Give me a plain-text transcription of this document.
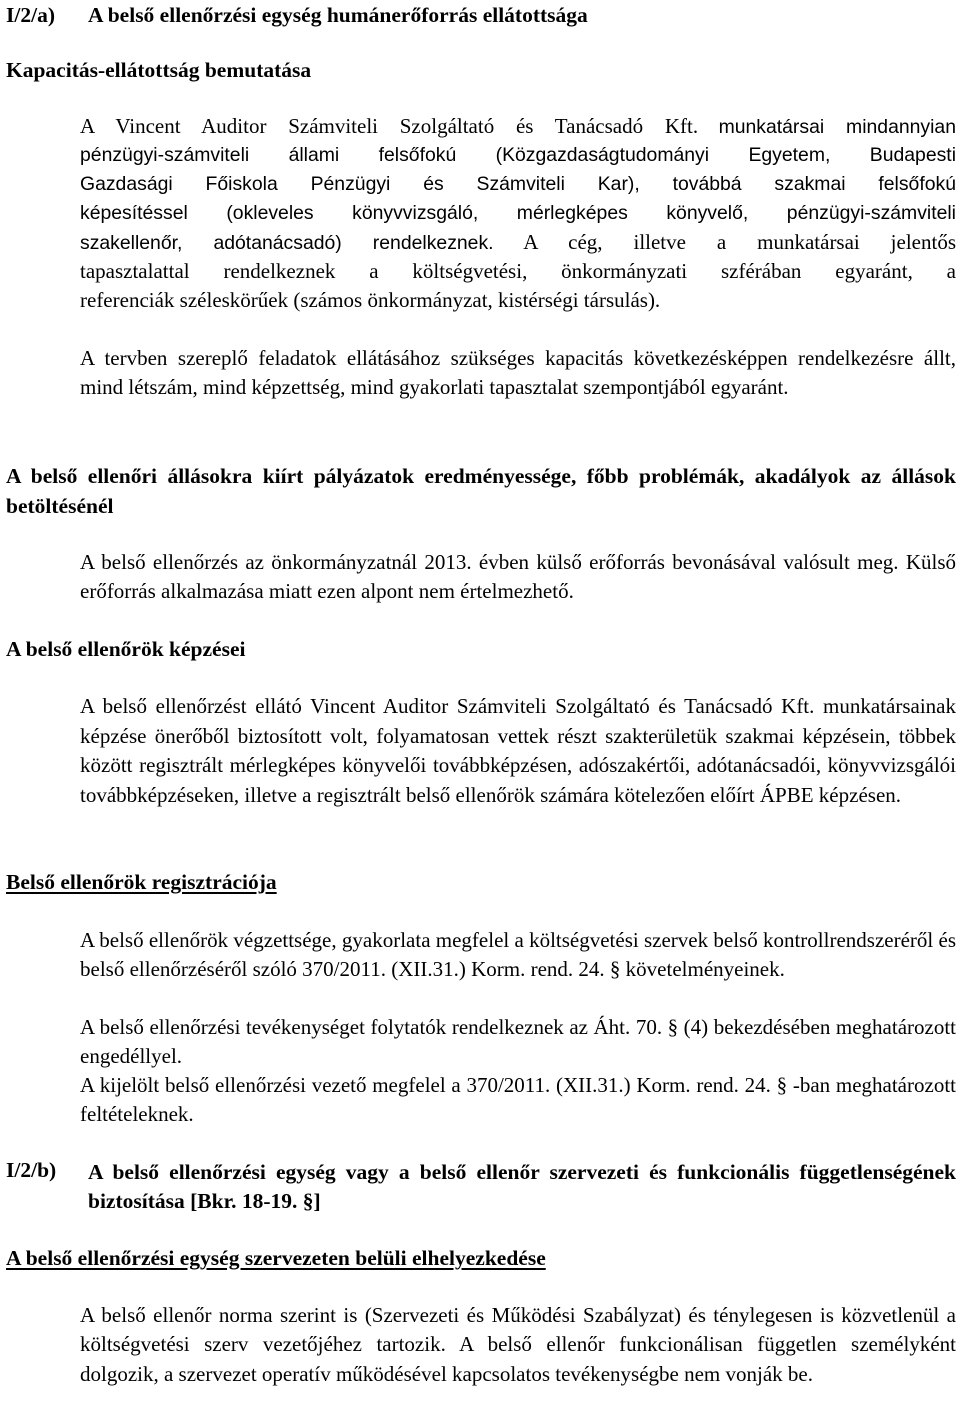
I/2/a) A belső ellenőrzési egység humánerőforrás ellátottsága
Kapacitás-ellátottság bemutatása
A Vincent Auditor Számviteli Szolgáltató és Tanácsadó Kft. munkatársai mindannyian
pénzügyi-számviteli állami felsőfokú (Közgazdaságtudományi Egyetem, Budapesti
Gazdasági Főiskola Pénzügyi és Számviteli Kar), továbbá szakmai felsőfokú
képesítéssel (okleveles könyvvizsgáló, mérlegképes könyvelő, pénzügyi-számviteli
szakellenőr, adótanácsadó) rendelkeznek. A cég, illetve a munkatársai jelentős
tapasztalattal rendelkeznek a költségvetési, önkormányzati szférában egyaránt, a
referenciák széleskörűek (számos önkormányzat, kistérségi társulás).
A tervben szereplő feladatok ellátásához szükséges kapacitás következésképpen rendelkezésre állt, mind létszám, mind képzettség, mind gyakorlati tapasztalat szempontjából egyaránt.
A belső ellenőri állásokra kiírt pályázatok eredményessége, főbb problémák, akadályok az állások betöltésénél
A belső ellenőrzés az önkormányzatnál 2013. évben külső erőforrás bevonásával valósult meg. Külső erőforrás alkalmazása miatt ezen alpont nem értelmezhető.
A belső ellenőrök képzései
A belső ellenőrzést ellátó Vincent Auditor Számviteli Szolgáltató és Tanácsadó Kft. munkatársainak képzése önerőből biztosított volt, folyamatosan vettek részt szakterületük szakmai képzésein, többek között regisztrált mérlegképes könyvelői továbbképzésen, adószakértői, adótanácsadói, könyvvizsgálói továbbképzéseken, illetve a regisztrált belső ellenőrök számára kötelezően előírt ÁPBE képzésen.
Belső ellenőrök regisztrációja
A belső ellenőrök végzettsége, gyakorlata megfelel a költségvetési szervek belső kontrollrendszeréről és belső ellenőrzéséről szóló 370/2011. (XII.31.) Korm. rend. 24. § követelményeinek.
A belső ellenőrzési tevékenységet folytatók rendelkeznek az Áht. 70. § (4) bekezdésében meghatározott engedéllyel.
A kijelölt belső ellenőrzési vezető megfelel a 370/2011. (XII.31.) Korm. rend. 24. § -ban meghatározott feltételeknek.
I/2/b) A belső ellenőrzési egység vagy a belső ellenőr szervezeti és funkcionális függetlenségének biztosítása [Bkr. 18-19. §]
A belső ellenőrzési egység szervezeten belüli elhelyezkedése
A belső ellenőr norma szerint is (Szervezeti és Működési Szabályzat) és ténylegesen is közvetlenül a költségvetési szerv vezetőjéhez tartozik. A belső ellenőr funkcionálisan független személyként dolgozik, a szervezet operatív működésével kapcsolatos tevékenységbe nem vonják be.
